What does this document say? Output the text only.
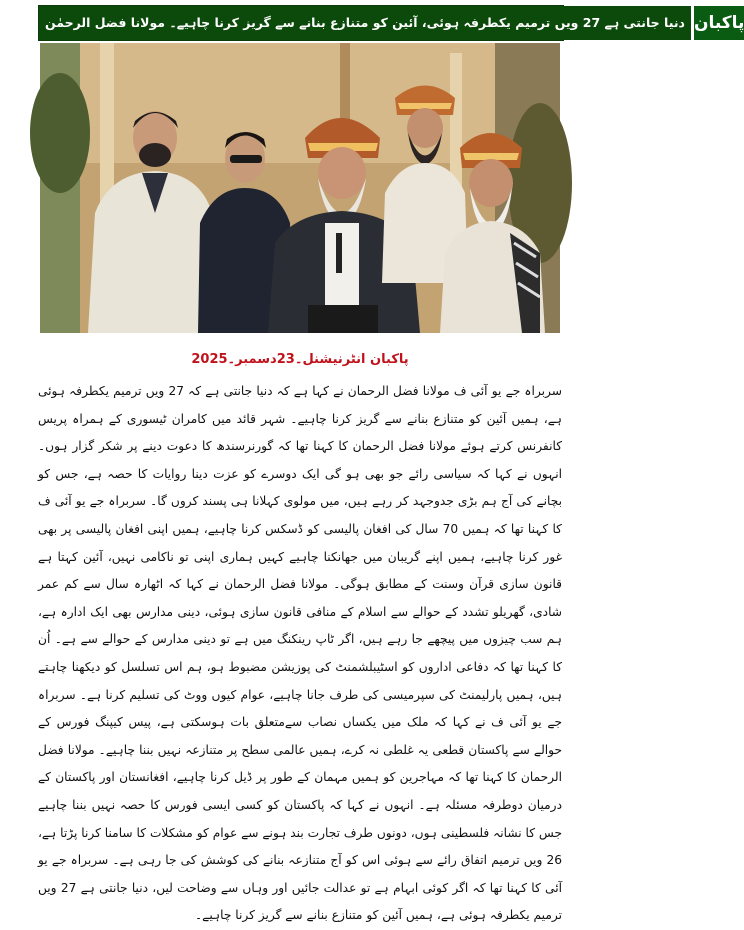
دنیا جانتی ہے 27 ویں ترمیم یکطرفہ ہوئی، آئین کو متنازع بنانے سے گریز کرنا چاہیے۔ مولانا فضل الرحمٰن پاکبان
پاکبان انٹرنیشنل۔23دسمبر۔2025

سربراہ جے یو آئی ف مولانا فضل الرحمان نے کہا ہے کہ دنیا جانتی ہے کہ 27 ویں ترمیم یکطرفہ ہوئی ہے، ہمیں آئین کو متنازع بنانے سے گریز کرنا چاہیے۔ شہر قائد میں کامران ٹیسوری کے ہمراہ پریس کانفرنس کرتے ہوئے مولانا فضل الرحمان کا کہنا تھا کہ گورنرسندھ کا دعوت دینے پر شکر گزار ہوں۔ انہوں نے کہا کہ سیاسی رائے جو بھی ہو گی ایک دوسرے کو عزت دینا روایات کا حصہ ہے، جس کو بچانے کی آج ہم بڑی جدوجہد کر رہے ہیں، میں مولوی کہلانا ہی پسند کروں گا۔ سربراہ جے یو آئی ف کا کہنا تھا کہ ہمیں 70 سال کی افغان پالیسی کو ڈسکس کرنا چاہیے، ہمیں اپنی افغان پالیسی پر بھی غور کرنا چاہیے، ہمیں اپنے گریبان میں جھانکنا چاہیے کہیں ہماری اپنی تو ناکامی نہیں، آئین کہتا ہے قانون سازی قرآن وسنت کے مطابق ہوگی۔ مولانا فضل الرحمان نے کہا کہ اٹھارہ سال سے کم عمر شادی، گھریلو تشدد کے حوالے سے اسلام کے منافی قانون سازی ہوئی، دینی مدارس بھی ایک ادارہ ہے، ہم سب چیزوں میں پیچھے جا رہے ہیں، اگر ٹاپ رینکنگ میں ہے تو دینی مدارس کے حوالے سے ہے۔ اُن کا کہنا تھا کہ دفاعی اداروں کو اسٹیبلشمنٹ کی پوزیشن مضبوط ہو، ہم اس تسلسل کو دیکھنا چاہتے ہیں، ہمیں پارلیمنٹ کی سپرمیسی کی طرف جانا چاہیے، عوام کیوں ووٹ کی تسلیم کرنا ہے۔ سربراہ جے یو آئی ف نے کہا کہ ملک میں یکساں نصاب سےمتعلق بات ہوسکتی ہے، پیس کیپنگ فورس کے حوالے سے پاکستان قطعی یہ غلطی نہ کرے، ہمیں عالمی سطح پر متنازعہ نہیں بننا چاہیے۔ مولانا فضل الرحمان کا کہنا تھا کہ مہاجرین کو ہمیں مہمان کے طور پر ڈیل کرنا چاہیے، افغانستان اور پاکستان کے درمیان دوطرفہ مسئلہ ہے۔ انہوں نے کہا کہ پاکستان کو کسی ایسی فورس کا حصہ نہیں بننا چاہیے جس کا نشانہ فلسطینی ہوں، دونوں طرف تجارت بند ہونے سے عوام کو مشکلات کا سامنا کرنا پڑتا ہے، 26 ویں ترمیم اتفاق رائے سے ہوئی اس کو آج متنازعہ بنانے کی کوشش کی جا رہی ہے۔ سربراہ جے یو آئی کا کہنا تھا کہ اگر کوئی ابہام ہے تو عدالت جائیں اور وہاں سے وضاحت لیں، دنیا جانتی ہے 27 ویں ترمیم یکطرفہ ہوئی ہے، ہمیں آئین کو متنازع بنانے سے گریز کرنا چاہیے۔
